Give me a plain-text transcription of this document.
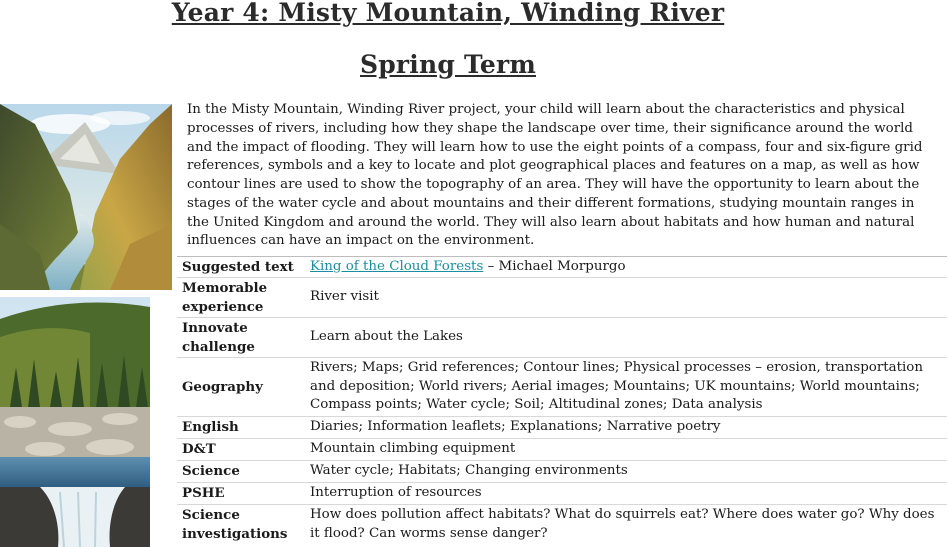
Year 4: Misty Mountain, Winding River
Spring Term

In the Misty Mountain, Winding River project, your child will learn about the characteristics and physical processes of rivers, including how they shape the landscape over time, their significance around the world and the impact of flooding. They will learn how to use the eight points of a compass, four and six-figure grid references, symbols and a key to locate and plot geographical places and features on a map, as well as how contour lines are used to show the topography of an area. They will have the opportunity to learn about the stages of the water cycle and about mountains and their different formations, studying mountain ranges in the United Kingdom and around the world. They will also learn about habitats and how human and natural influences can have an impact on the environment.

Suggested text	King of the Cloud Forests – Michael Morpurgo
Memorable experience	River visit
Innovate challenge	Learn about the Lakes
Geography	Rivers; Maps; Grid references; Contour lines; Physical processes – erosion, transportation and deposition; World rivers; Aerial images; Mountains; UK mountains; World mountains; Compass points; Water cycle; Soil; Altitudinal zones; Data analysis
English	Diaries; Information leaflets; Explanations; Narrative poetry
D&T	Mountain climbing equipment
Science	Water cycle; Habitats; Changing environments
PSHE	Interruption of resources
Science investigations	How does pollution affect habitats? What do squirrels eat? Where does water go? Why does it flood? Can worms sense danger?
